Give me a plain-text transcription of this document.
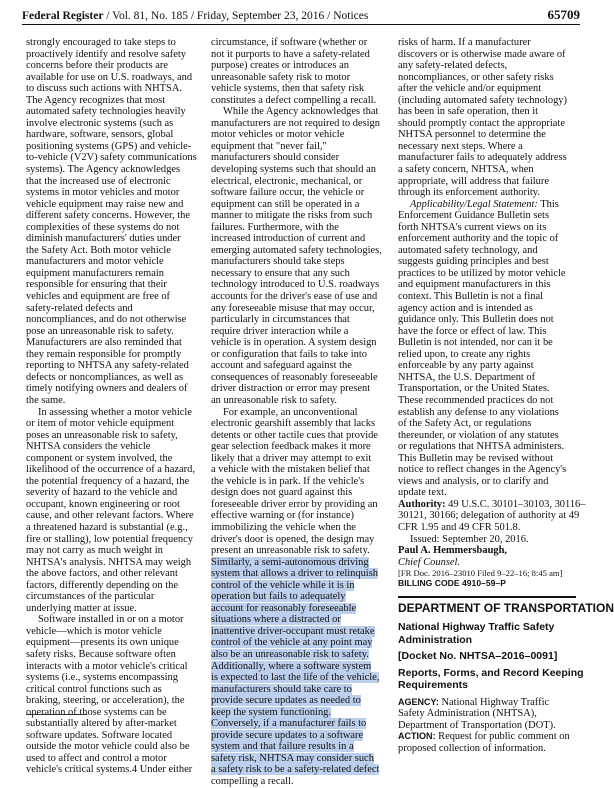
Federal Register / Vol. 81, No. 185 / Friday, September 23, 2016 / Notices	65709
strongly encouraged to take steps to
proactively identify and resolve safety
concerns before their products are
available for use on U.S. roadways, and
to discuss such actions with NHTSA.
The Agency recognizes that most
automated safety technologies heavily
involve electronic systems (such as
hardware, software, sensors, global
positioning systems (GPS) and vehicle-
to-vehicle (V2V) safety communications
systems). The Agency acknowledges
that the increased use of electronic
systems in motor vehicles and motor
vehicle equipment may raise new and
different safety concerns. However, the
complexities of these systems do not
diminish manufacturers' duties under
the Safety Act. Both motor vehicle
manufacturers and motor vehicle
equipment manufacturers remain
responsible for ensuring that their
vehicles and equipment are free of
safety-related defects and
noncompliances, and do not otherwise
pose an unreasonable risk to safety.
Manufacturers are also reminded that
they remain responsible for promptly
reporting to NHTSA any safety-related
defects or noncompliances, as well as
timely notifying owners and dealers of
the same.
In assessing whether a motor vehicle
or item of motor vehicle equipment
poses an unreasonable risk to safety,
NHTSA considers the vehicle
component or system involved, the
likelihood of the occurrence of a hazard,
the potential frequency of a hazard, the
severity of hazard to the vehicle and
occupant, known engineering or root
cause, and other relevant factors. Where
a threatened hazard is substantial (e.g.,
fire or stalling), low potential frequency
may not carry as much weight in
NHTSA's analysis. NHTSA may weigh
the above factors, and other relevant
factors, differently depending on the
circumstances of the particular
underlying matter at issue.
Software installed in or on a motor
vehicle—which is motor vehicle
equipment—presents its own unique
safety risks. Because software often
interacts with a motor vehicle's critical
systems (i.e., systems encompassing
critical control functions such as
braking, steering, or acceleration), the
operation of those systems can be
substantially altered by after-market
software updates. Software located
outside the motor vehicle could also be
used to affect and control a motor
vehicle's critical systems.4 Under either
circumstance, if software (whether or
not it purports to have a safety-related
purpose) creates or introduces an
unreasonable safety risk to motor
vehicle systems, then that safety risk
constitutes a defect compelling a recall.
While the Agency acknowledges that
manufacturers are not required to design
motor vehicles or motor vehicle
equipment that "never fail,"
manufacturers should consider
developing systems such that should an
electrical, electronic, mechanical, or
software failure occur, the vehicle or
equipment can still be operated in a
manner to mitigate the risks from such
failures. Furthermore, with the
increased introduction of current and
emerging automated safety technologies,
manufacturers should take steps
necessary to ensure that any such
technology introduced to U.S. roadways
accounts for the driver's ease of use and
any foreseeable misuse that may occur,
particularly in circumstances that
require driver interaction while a
vehicle is in operation. A system design
or configuration that fails to take into
account and safeguard against the
consequences of reasonably foreseeable
driver distraction or error may present
an unreasonable risk to safety.
For example, an unconventional
electronic gearshift assembly that lacks
detents or other tactile cues that provide
gear selection feedback makes it more
likely that a driver may attempt to exit
a vehicle with the mistaken belief that
the vehicle is in park. If the vehicle's
design does not guard against this
foreseeable driver error by providing an
effective warning or (for instance)
immobilizing the vehicle when the
driver's door is opened, the design may
present an unreasonable risk to safety.
Similarly, a semi-autonomous driving
system that allows a driver to relinquish
control of the vehicle while it is in
operation but fails to adequately
account for reasonably foreseeable
situations where a distracted or
inattentive driver-occupant must retake
control of the vehicle at any point may
also be an unreasonable risk to safety.
Additionally, where a software system
is expected to last the life of the vehicle,
manufacturers should take care to
provide secure updates as needed to
keep the system functioning.
Conversely, if a manufacturer fails to
provide secure updates to a software
system and that failure results in a
safety risk, NHTSA may consider such
a safety risk to be a safety-related defect
compelling a recall.
risks of harm. If a manufacturer
discovers or is otherwise made aware of
any safety-related defects,
noncompliances, or other safety risks
after the vehicle and/or equipment
(including automated safety technology)
has been in safe operation, then it
should promptly contact the appropriate
NHTSA personnel to determine the
necessary next steps. Where a
manufacturer fails to adequately address
a safety concern, NHTSA, when
appropriate, will address that failure
through its enforcement authority.
Applicability/Legal Statement: This
Enforcement Guidance Bulletin sets
forth NHTSA's current views on its
enforcement authority and the topic of
automated safety technology, and
suggests guiding principles and best
practices to be utilized by motor vehicle
and equipment manufacturers in this
context. This Bulletin is not a final
agency action and is intended as
guidance only. This Bulletin does not
have the force or effect of law. This
Bulletin is not intended, nor can it be
relied upon, to create any rights
enforceable by any party against
NHTSA, the U.S. Department of
Transportation, or the United States.
These recommended practices do not
establish any defense to any violations
of the Safety Act, or regulations
thereunder, or violation of any statutes
or regulations that NHTSA administers.
This Bulletin may be revised without
notice to reflect changes in the Agency's
views and analysis, or to clarify and
update text.
Authority: 49 U.S.C. 30101–30103, 30116–
30121, 30166; delegation of authority at 49
CFR 1.95 and 49 CFR 501.8.
Issued: September 20, 2016.
Paul A. Hemmersbaugh,
Chief Counsel.
[FR Doc. 2016–23010 Filed 9–22–16; 8:45 am]
BILLING CODE 4910–59–P
DEPARTMENT OF TRANSPORTATION
National Highway Traffic Safety
Administration
[Docket No. NHTSA–2016–0091]
Reports, Forms, and Record Keeping
Requirements
AGENCY: National Highway Traffic
Safety Administration (NHTSA),
Department of Transportation (DOT).
ACTION: Request for public comment on
proposed collection of information.
